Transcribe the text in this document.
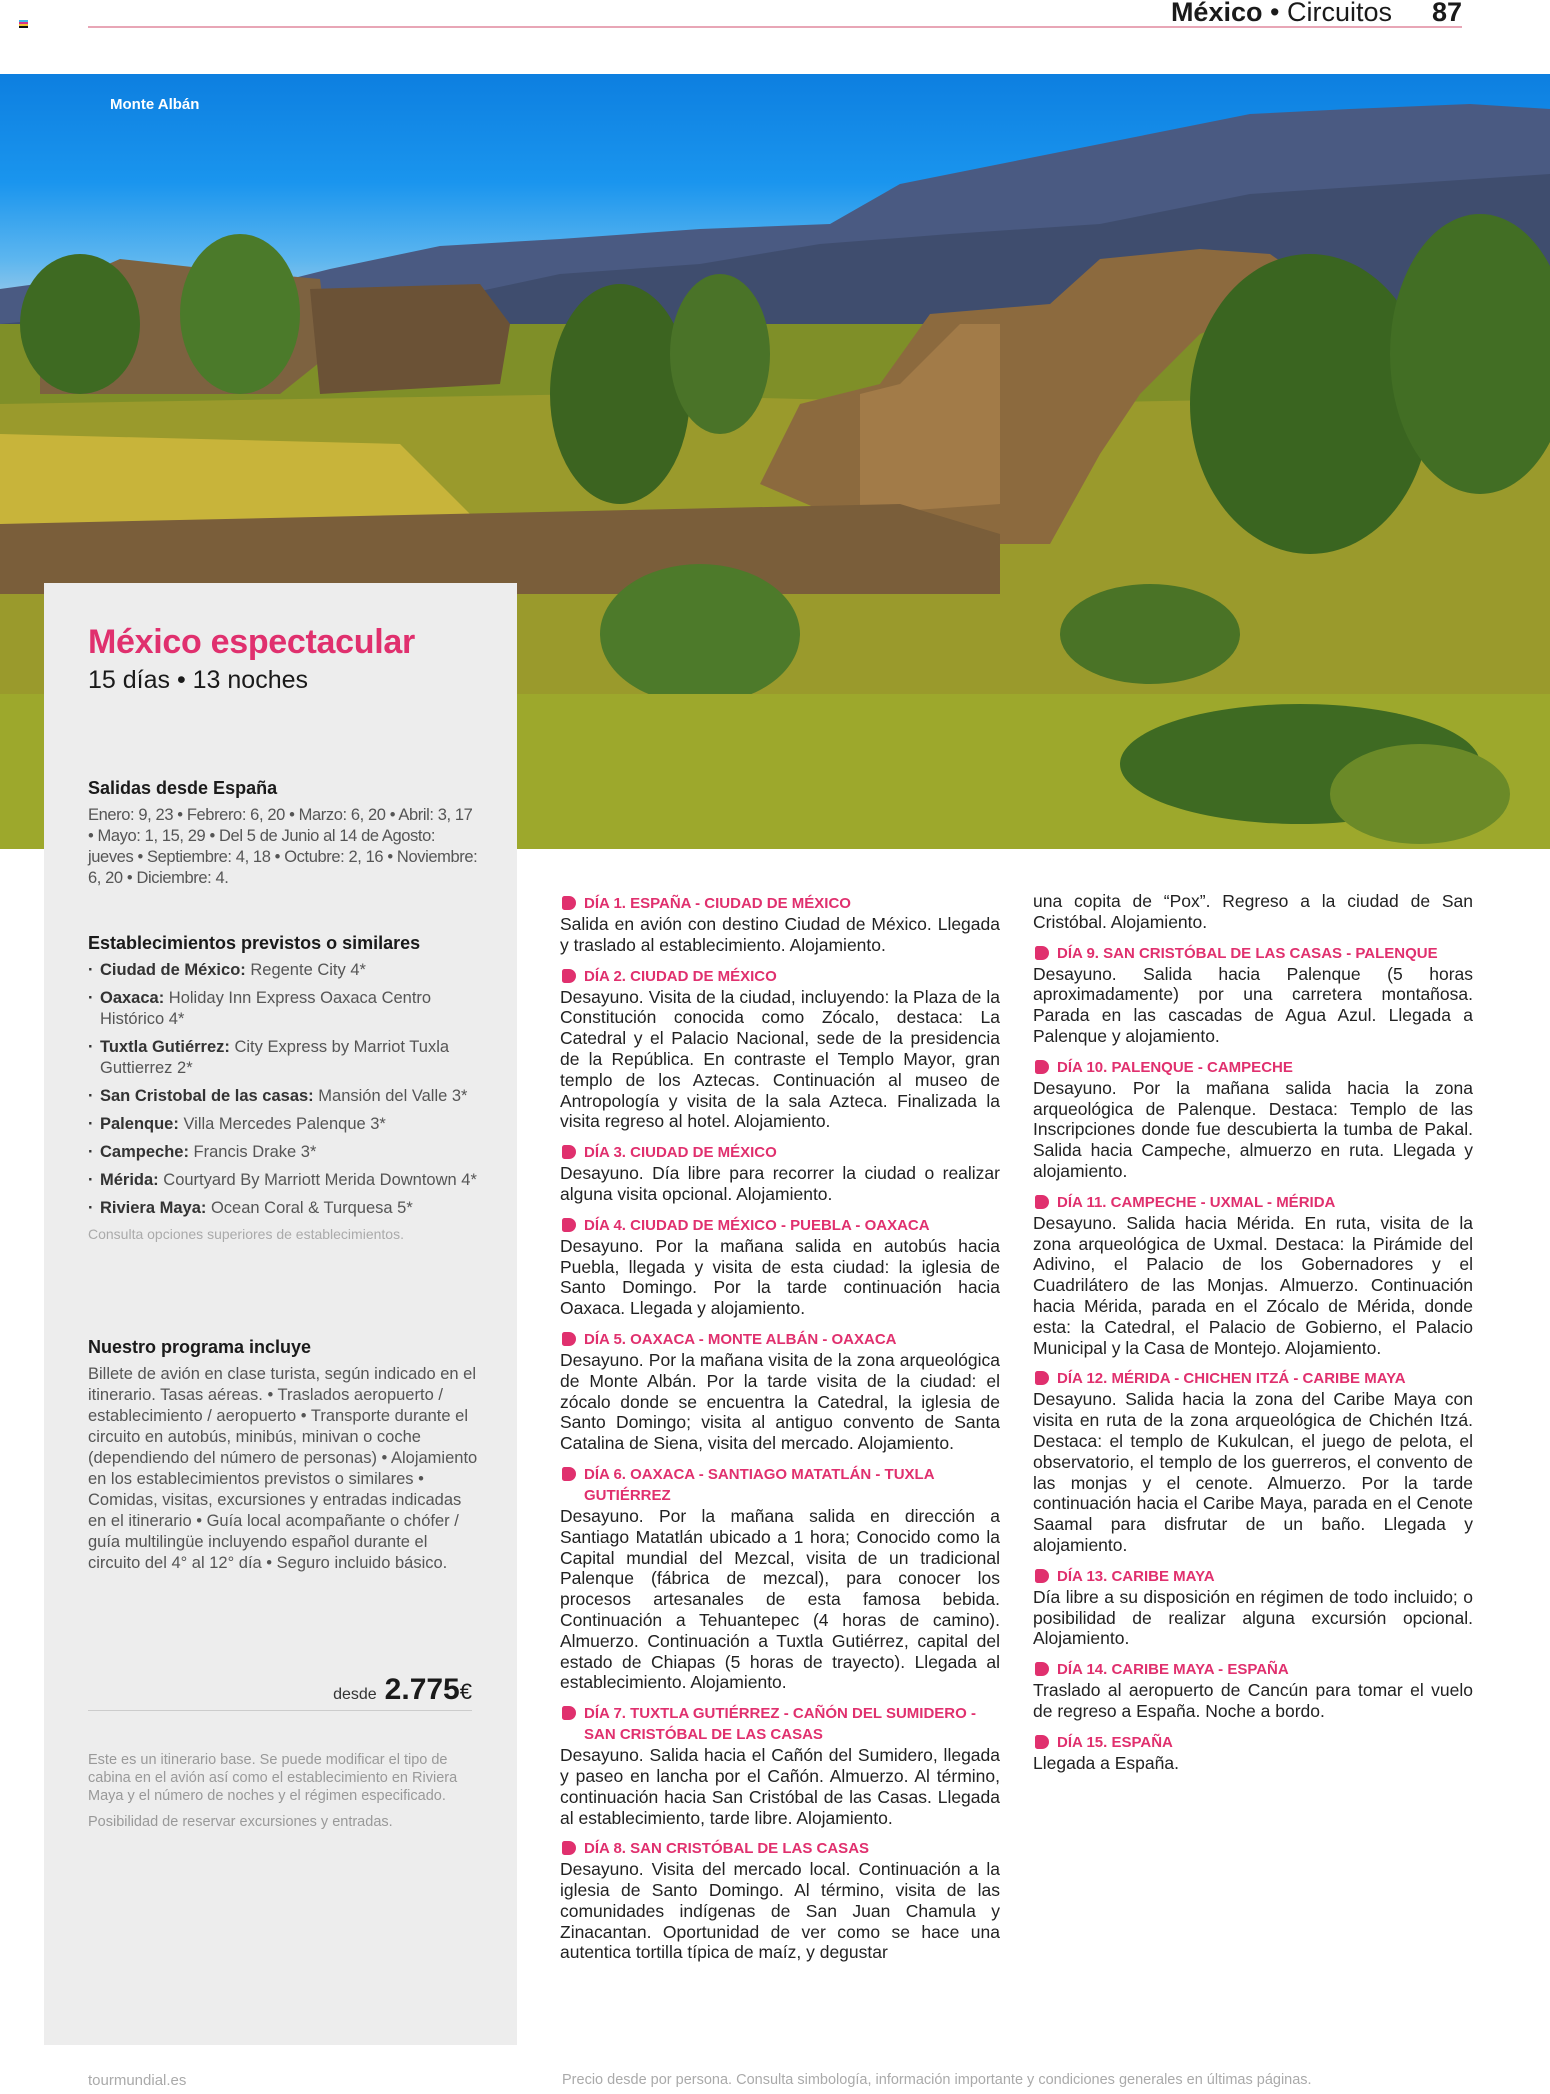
México • Circuitos 87
Monte Albán
México espectacular
15 días • 13 noches
Salidas desde España
Enero: 9, 23 • Febrero: 6, 20 • Marzo: 6, 20 • Abril: 3, 17 • Mayo: 1, 15, 29 • Del 5 de Junio al 14 de Agosto: jueves • Septiembre: 4, 18 • Octubre: 2, 16 • Noviembre: 6, 20 • Diciembre: 4.
Establecimientos previstos o similares
· Ciudad de México: Regente City 4*
· Oaxaca: Holiday Inn Express Oaxaca Centro Histórico 4*
· Tuxtla Gutiérrez: City Express by Marriot Tuxla Guttierrez 2*
· San Cristobal de las casas: Mansión del Valle 3*
· Palenque: Villa Mercedes Palenque 3*
· Campeche: Francis Drake 3*
· Mérida: Courtyard By Marriott Merida Downtown 4*
· Riviera Maya: Ocean Coral & Turquesa 5*
Consulta opciones superiores de establecimientos.
Nuestro programa incluye
Billete de avión en clase turista, según indicado en el itinerario. Tasas aéreas. • Traslados aeropuerto / establecimiento / aeropuerto • Transporte durante el circuito en autobús, minibús, minivan o coche (dependiendo del número de personas) • Alojamiento en los establecimientos previstos o similares • Comidas, visitas, excursiones y entradas indicadas en el itinerario • Guía local acompañante o chófer / guía multilingüe incluyendo español durante el circuito del 4° al 12° día • Seguro incluido básico.
desde 2.775€

Este es un itinerario base. Se puede modificar el tipo de cabina en el avión así como el establecimiento en Riviera Maya y el número de noches y el régimen especificado.

Posibilidad de reservar excursiones y entradas.

DÍA 1. ESPAÑA - CIUDAD DE MÉXICO
Salida en avión con destino Ciudad de México. Llegada y traslado al establecimiento. Alojamiento.
DÍA 2. CIUDAD DE MÉXICO
Desayuno. Visita de la ciudad, incluyendo: la Plaza de la Constitución conocida como Zócalo, destaca: La Catedral y el Palacio Nacional, sede de la presidencia de la República. En contraste el Templo Mayor, gran templo de los Aztecas. Continuación al museo de Antropología y visita de la sala Azteca. Finalizada la visita regreso al hotel. Alojamiento.
DÍA 3. CIUDAD DE MÉXICO
Desayuno. Día libre para recorrer la ciudad o realizar alguna visita opcional. Alojamiento.
DÍA 4. CIUDAD DE MÉXICO - PUEBLA - OAXACA
Desayuno. Por la mañana salida en autobús hacia Puebla, llegada y visita de esta ciudad: la iglesia de Santo Domingo. Por la tarde continuación hacia Oaxaca. Llegada y alojamiento.
DÍA 5. OAXACA - MONTE ALBÁN - OAXACA
Desayuno. Por la mañana visita de la zona arqueológica de Monte Albán. Por la tarde visita de la ciudad: el zócalo donde se encuentra la Catedral, la iglesia de Santo Domingo; visita al antiguo convento de Santa Catalina de Siena, visita del mercado. Alojamiento.
DÍA 6. OAXACA - SANTIAGO MATATLÁN - TUXLA GUTIÉRREZ
Desayuno. Por la mañana salida en dirección a Santiago Matatlán ubicado a 1 hora; Conocido como la Capital mundial del Mezcal, visita de un tradicional Palenque (fábrica de mezcal), para conocer los procesos artesanales de esta famosa bebida. Continuación a Tehuantepec (4 horas de camino). Almuerzo. Continuación a Tuxtla Gutiérrez, capital del estado de Chiapas (5 horas de trayecto). Llegada al establecimiento. Alojamiento.
DÍA 7. TUXTLA GUTIÉRREZ - CAÑÓN DEL SUMIDERO - SAN CRISTÓBAL DE LAS CASAS
Desayuno. Salida hacia el Cañón del Sumidero, llegada y paseo en lancha por el Cañón. Almuerzo. Al término, continuación hacia San Cristóbal de las Casas. Llegada al establecimiento, tarde libre. Alojamiento.
DÍA 8. SAN CRISTÓBAL DE LAS CASAS
Desayuno. Visita del mercado local. Continuación a la iglesia de Santo Domingo. Al término, visita de las comunidades indígenas de San Juan Chamula y Zinacantan. Oportunidad de ver como se hace una autentica tortilla típica de maíz, y degustar
una copita de “Pox”. Regreso a la ciudad de San Cristóbal. Alojamiento.
DÍA 9. SAN CRISTÓBAL DE LAS CASAS - PALENQUE
Desayuno. Salida hacia Palenque (5 horas aproximadamente) por una carretera montañosa. Parada en las cascadas de Agua Azul. Llegada a Palenque y alojamiento.
DÍA 10. PALENQUE - CAMPECHE
Desayuno. Por la mañana salida hacia la zona arqueológica de Palenque. Destaca: Templo de las Inscripciones donde fue descubierta la tumba de Pakal. Salida hacia Campeche, almuerzo en ruta. Llegada y alojamiento.
DÍA 11. CAMPECHE - UXMAL - MÉRIDA
Desayuno. Salida hacia Mérida. En ruta, visita de la zona arqueológica de Uxmal. Destaca: la Pirámide del Adivino, el Palacio de los Gobernadores y el Cuadrilátero de las Monjas. Almuerzo. Continuación hacia Mérida, parada en el Zócalo de Mérida, donde esta: la Catedral, el Palacio de Gobierno, el Palacio Municipal y la Casa de Montejo. Alojamiento.
DÍA 12. MÉRIDA - CHICHEN ITZÁ - CARIBE MAYA
Desayuno. Salida hacia la zona del Caribe Maya con visita en ruta de la zona arqueológica de Chichén Itzá. Destaca: el templo de Kukulcan, el juego de pelota, el observatorio, el templo de los guerreros, el convento de las monjas y el cenote. Almuerzo. Por la tarde continuación hacia el Caribe Maya, parada en el Cenote Saamal para disfrutar de un baño. Llegada y alojamiento.
DÍA 13. CARIBE MAYA
Día libre a su disposición en régimen de todo incluido; o posibilidad de realizar alguna excursión opcional. Alojamiento.
DÍA 14. CARIBE MAYA - ESPAÑA
Traslado al aeropuerto de Cancún para tomar el vuelo de regreso a España. Noche a bordo.
DÍA 15. ESPAÑA
Llegada a España.
tourmundial.es	Precio desde por persona. Consulta simbología, información importante y condiciones generales en últimas páginas.
